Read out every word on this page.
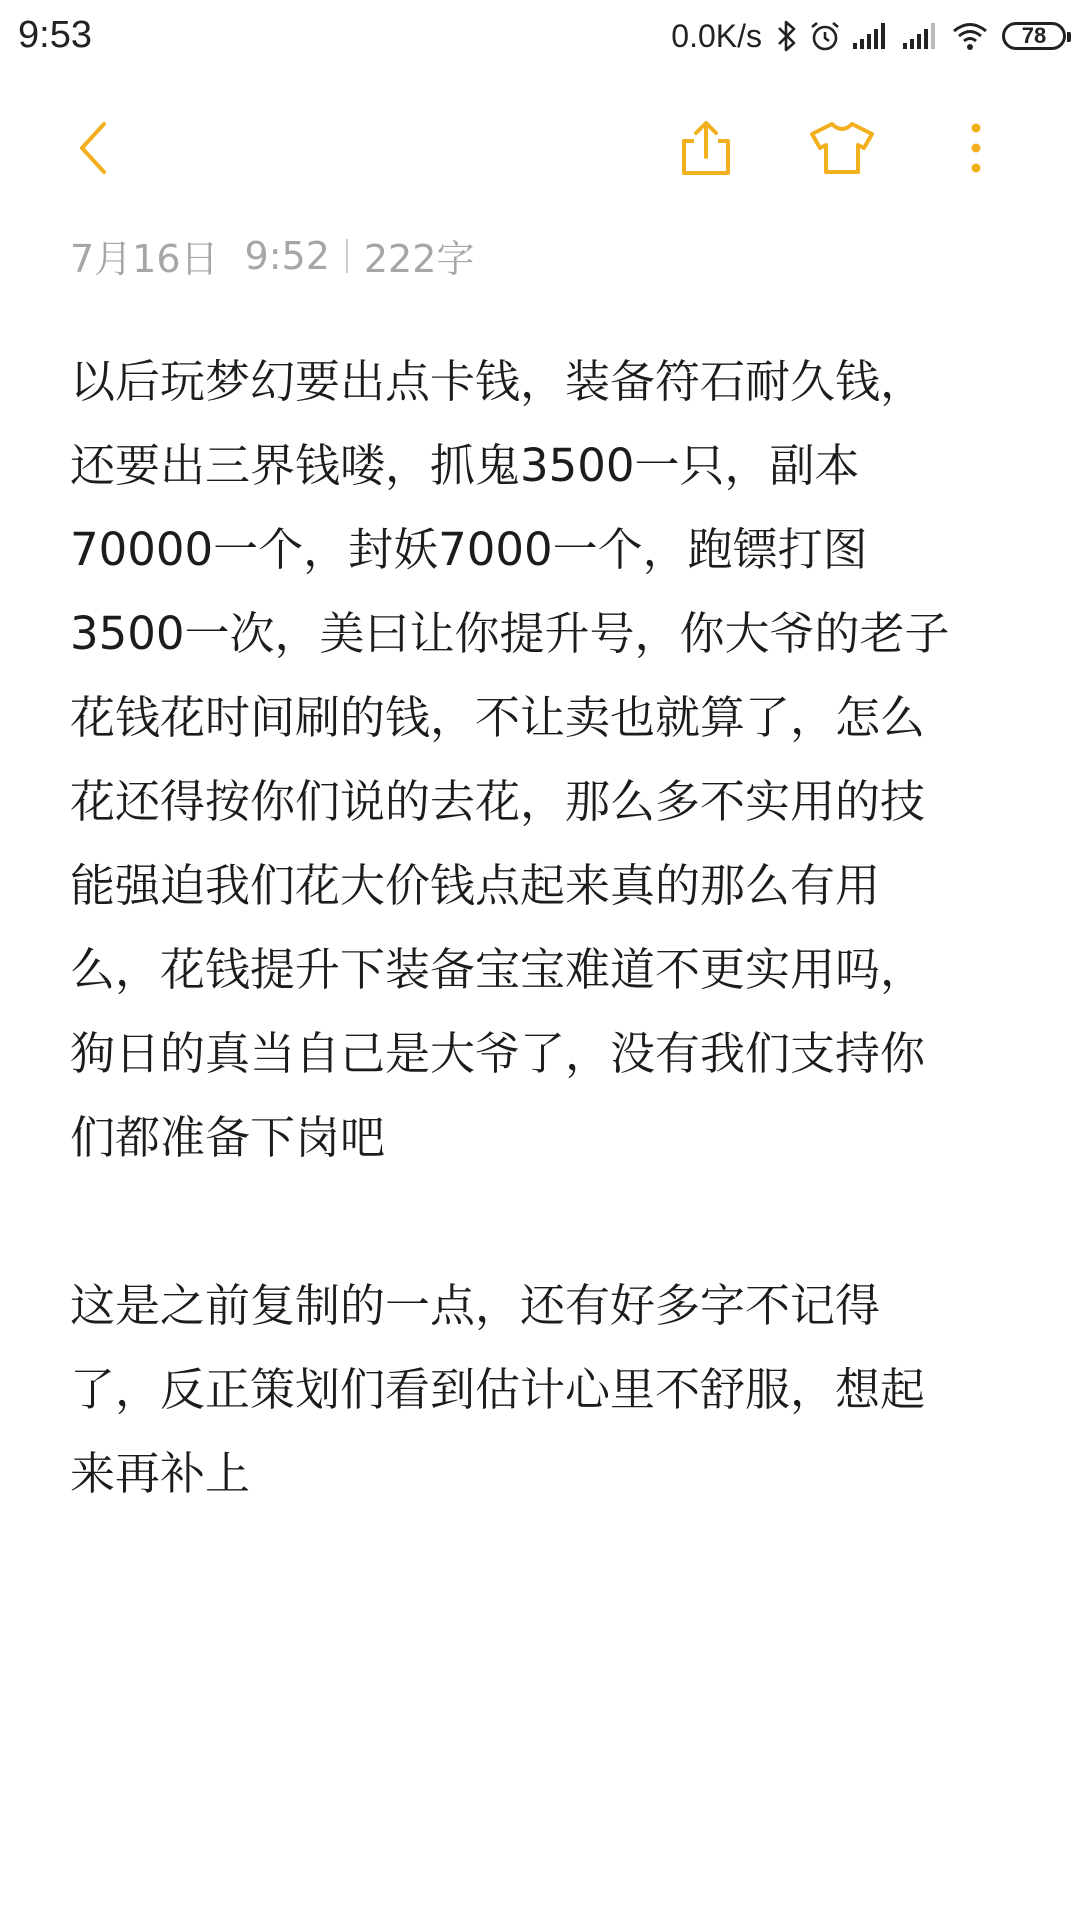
9:53	0.0K/s	78
7月16日 9:52 222字

以后玩梦幻要出点卡钱，装备符石耐久钱，
还要出三界钱喽，抓鬼3500一只，副本
70000一个，封妖7000一个，跑镖打图
3500一次，美曰让你提升号，你大爷的老子
花钱花时间刷的钱，不让卖也就算了，怎么
花还得按你们说的去花，那么多不实用的技
能强迫我们花大价钱点起来真的那么有用
么，花钱提升下装备宝宝难道不更实用吗，
狗日的真当自己是大爷了，没有我们支持你
们都准备下岗吧

这是之前复制的一点，还有好多字不记得
了，反正策划们看到估计心里不舒服，想起
来再补上
